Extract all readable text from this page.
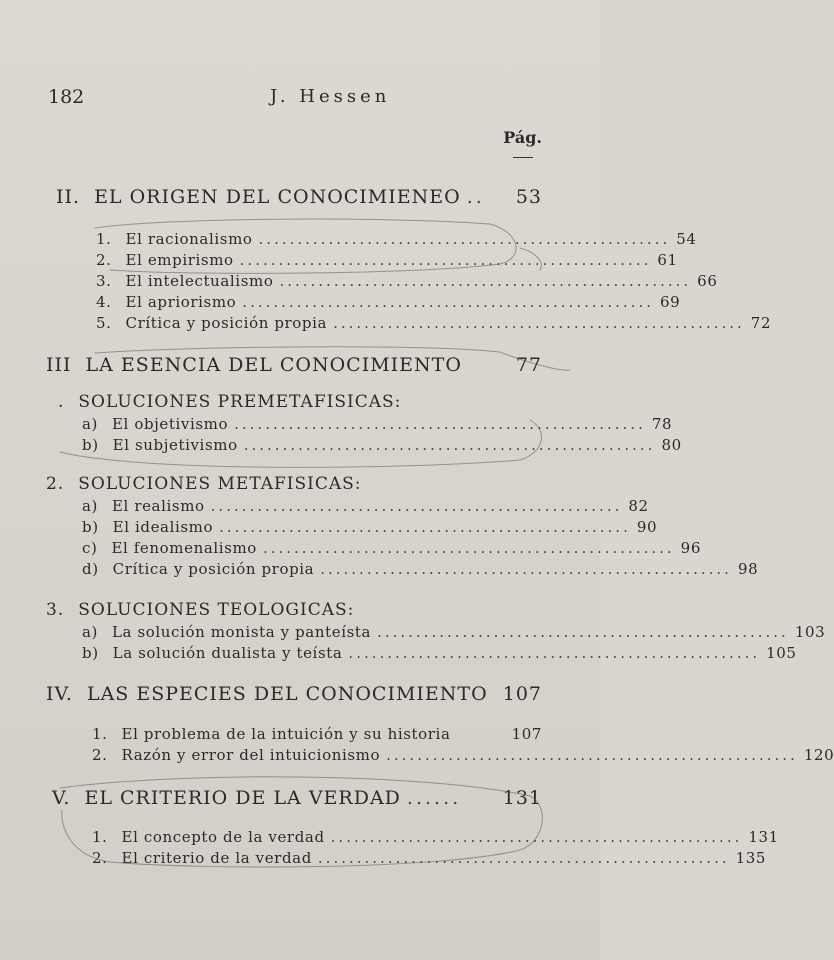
182	J. Hessen
Pág.
II. EL ORIGEN DEL CONOCIMIENEO ..	53
1. El racionalismo ..................................................... 54
2. El empirismo ..................................................... 61
3. El intelectualismo ..................................................... 66
4. El apriorismo ..................................................... 69
5. Crítica y posición propia ..................................................... 72
III LA ESENCIA DEL CONOCIMIENTO	77
. SOLUCIONES PREMETAFISICAS:
a) El objetivismo ..................................................... 78
b) El subjetivismo ..................................................... 80
2. SOLUCIONES METAFISICAS:
a) El realismo ..................................................... 82
b) El idealismo ..................................................... 90
c) El fenomenalismo ..................................................... 96
d) Crítica y posición propia ..................................................... 98
3. SOLUCIONES TEOLOGICAS:
a) La solución monista y panteísta ..................................................... 103
b) La solución dualista y teísta ..................................................... 105
IV. LAS ESPECIES DEL CONOCIMIENTO 107
1. El problema de la intuición y su historia	107
2. Razón y error del intuicionismo ..................................................... 120
V. EL CRITERIO DE LA VERDAD ......	131
1. El concepto de la verdad ..................................................... 131
2. El criterio de la verdad ..................................................... 135
